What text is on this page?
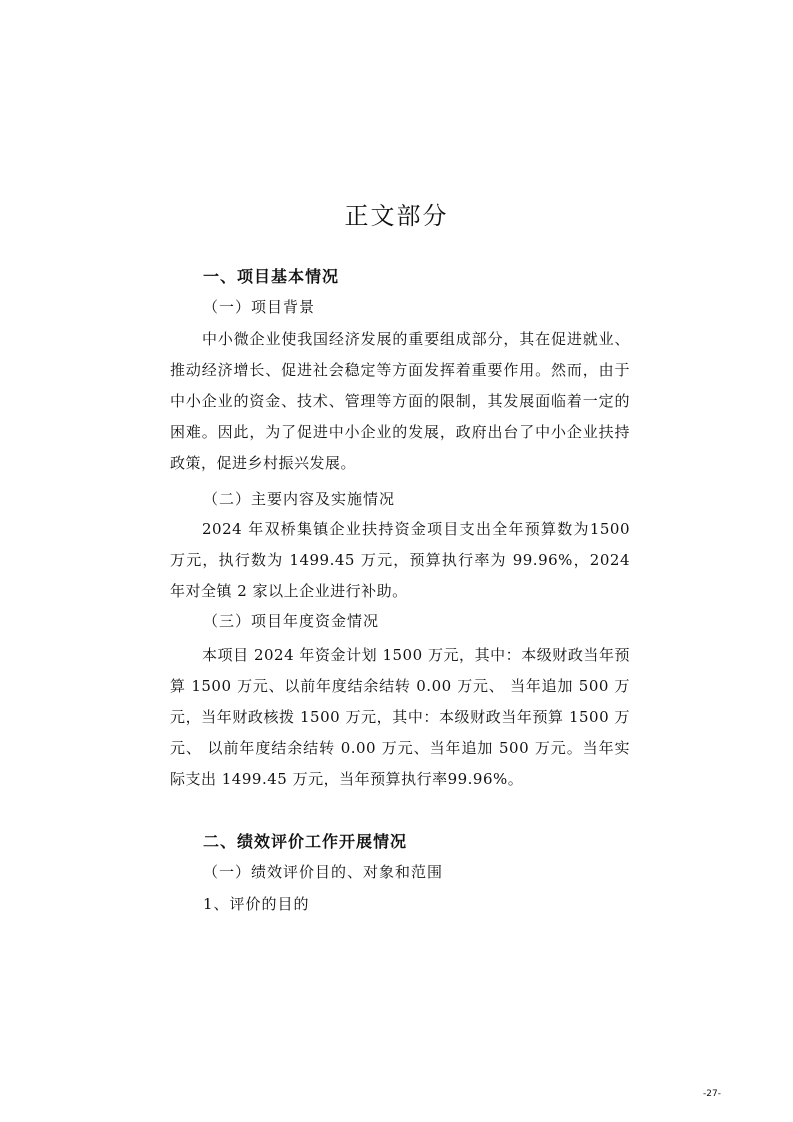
正文部分
一、项目基本情况
（一）项目背景
中小微企业使我国经济发展的重要组成部分，其在促进就业、推动经济增长、促进社会稳定等方面发挥着重要作用。然而，由于中小企业的资金、技术、管理等方面的限制，其发展面临着一定的困难。因此，为了促进中小企业的发展，政府出台了中小企业扶持政策，促进乡村振兴发展。
（二）主要内容及实施情况
2024 年双桥集镇企业扶持资金项目支出全年预算数为1500 万元，执行数为 1499.45 万元，预算执行率为 99.96%，2024 年对全镇 2 家以上企业进行补助。
（三）项目年度资金情况
本项目 2024 年资金计划 1500 万元，其中：本级财政当年预算 1500 万元、以前年度结余结转 0.00 万元、 当年追加 500 万元，当年财政核拨 1500 万元，其中：本级财政当年预算 1500 万元、 以前年度结余结转 0.00 万元、当年追加 500 万元。当年实际支出 1499.45 万元，当年预算执行率99.96%。
二、绩效评价工作开展情况
（一）绩效评价目的、对象和范围
1、评价的目的
-27-
